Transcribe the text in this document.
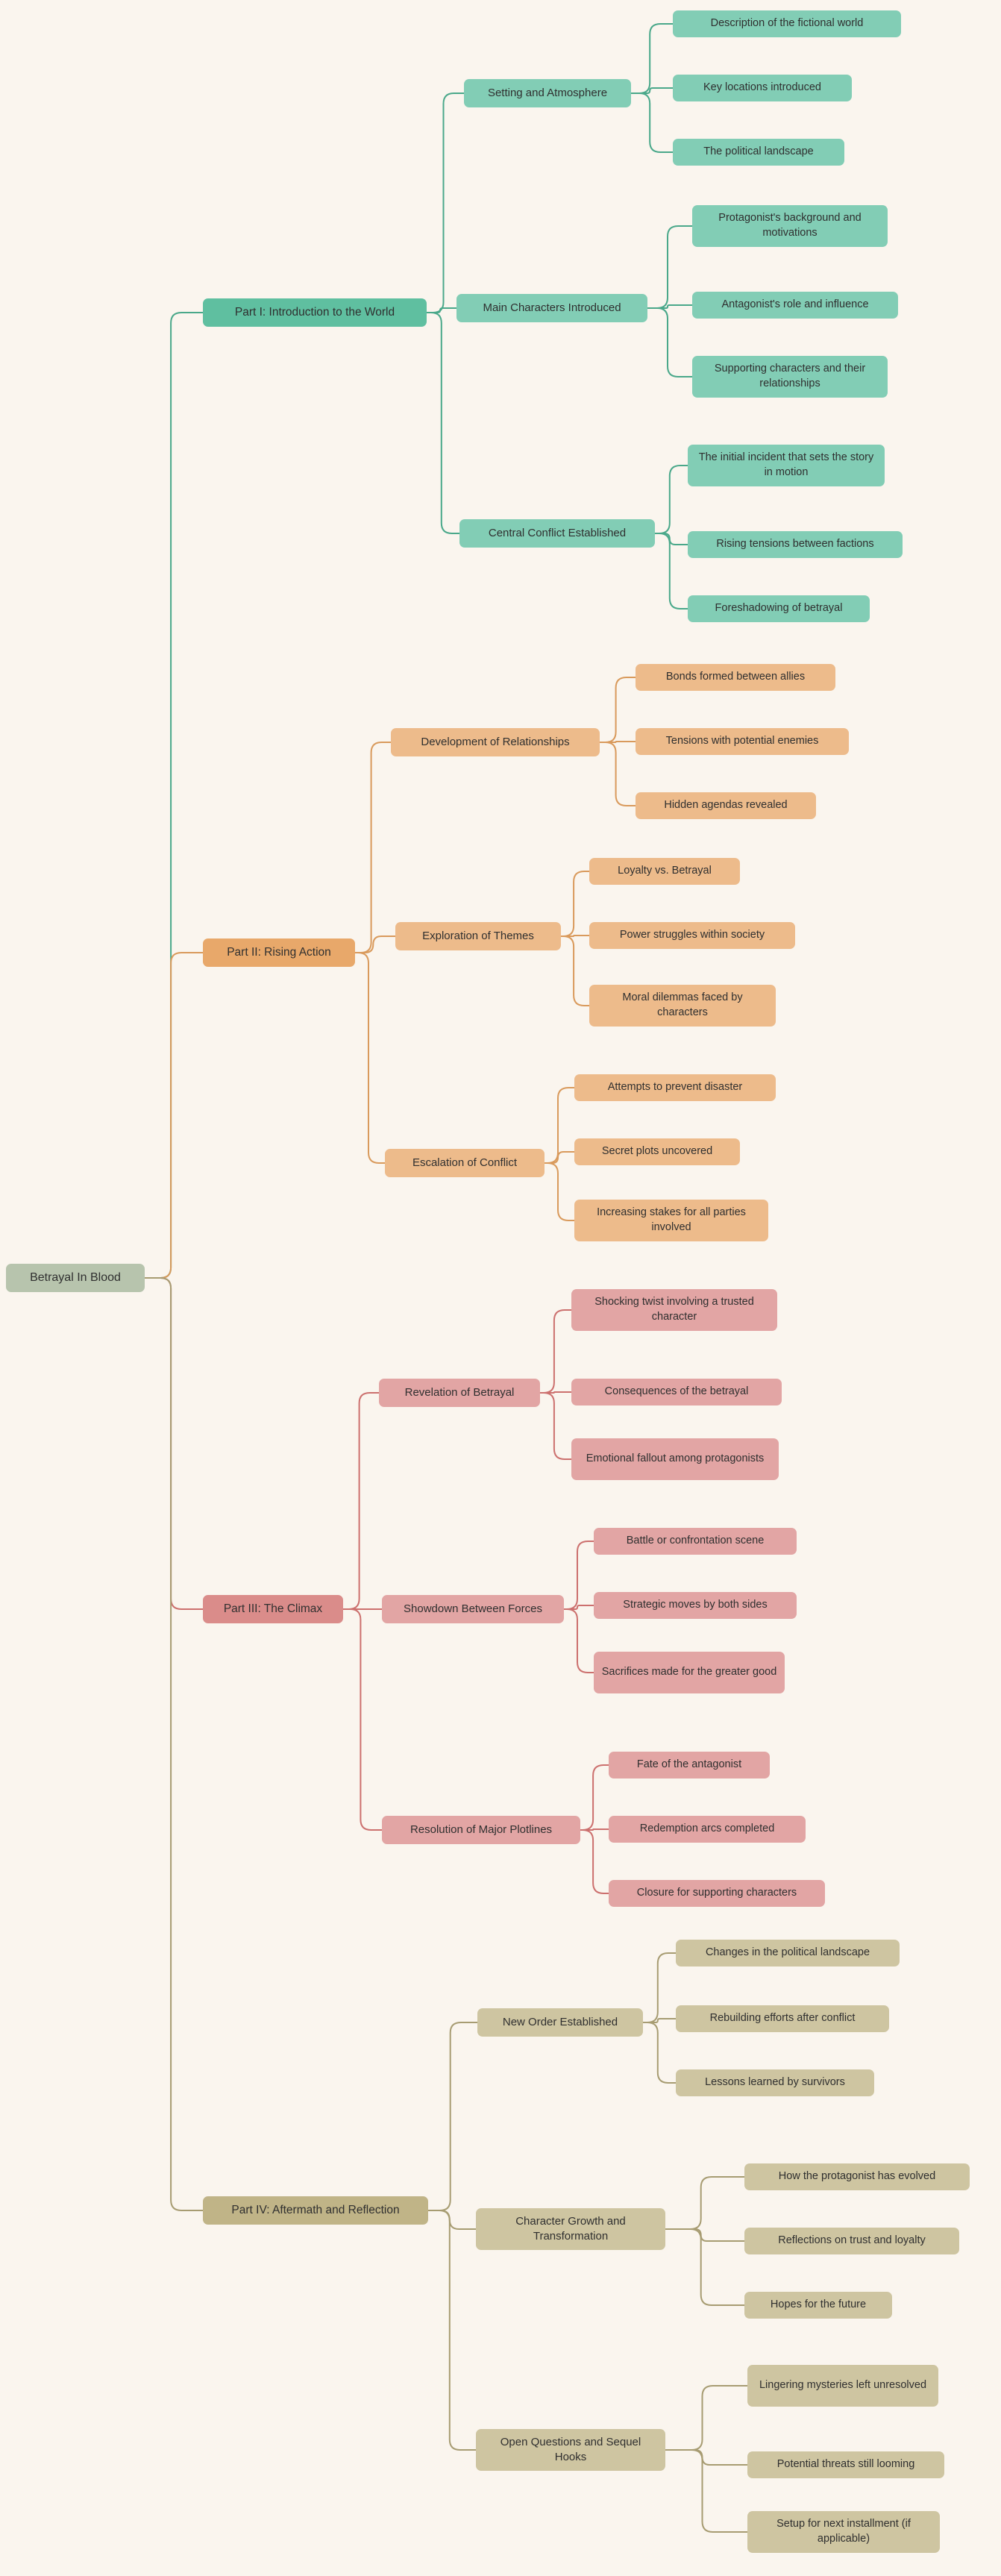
Betrayal In Blood
Part I: Introduction to the World
Setting and Atmosphere
Description of the fictional world
Key locations introduced
The political landscape
Main Characters Introduced
Protagonist's background and motivations
Antagonist's role and influence
Supporting characters and their relationships
Central Conflict Established
The initial incident that sets the story in motion
Rising tensions between factions
Foreshadowing of betrayal
Part II: Rising Action
Development of Relationships
Bonds formed between allies
Tensions with potential enemies
Hidden agendas revealed
Exploration of Themes
Loyalty vs. Betrayal
Power struggles within society
Moral dilemmas faced by characters
Escalation of Conflict
Attempts to prevent disaster
Secret plots uncovered
Increasing stakes for all parties involved
Part III: The Climax
Revelation of Betrayal
Shocking twist involving a trusted character
Consequences of the betrayal
Emotional fallout among protagonists
Showdown Between Forces
Battle or confrontation scene
Strategic moves by both sides
Sacrifices made for the greater good
Resolution of Major Plotlines
Fate of the antagonist
Redemption arcs completed
Closure for supporting characters
Part IV: Aftermath and Reflection
New Order Established
Changes in the political landscape
Rebuilding efforts after conflict
Lessons learned by survivors
Character Growth and Transformation
How the protagonist has evolved
Reflections on trust and loyalty
Hopes for the future
Open Questions and Sequel Hooks
Lingering mysteries left unresolved
Potential threats still looming
Setup for next installment (if applicable)
